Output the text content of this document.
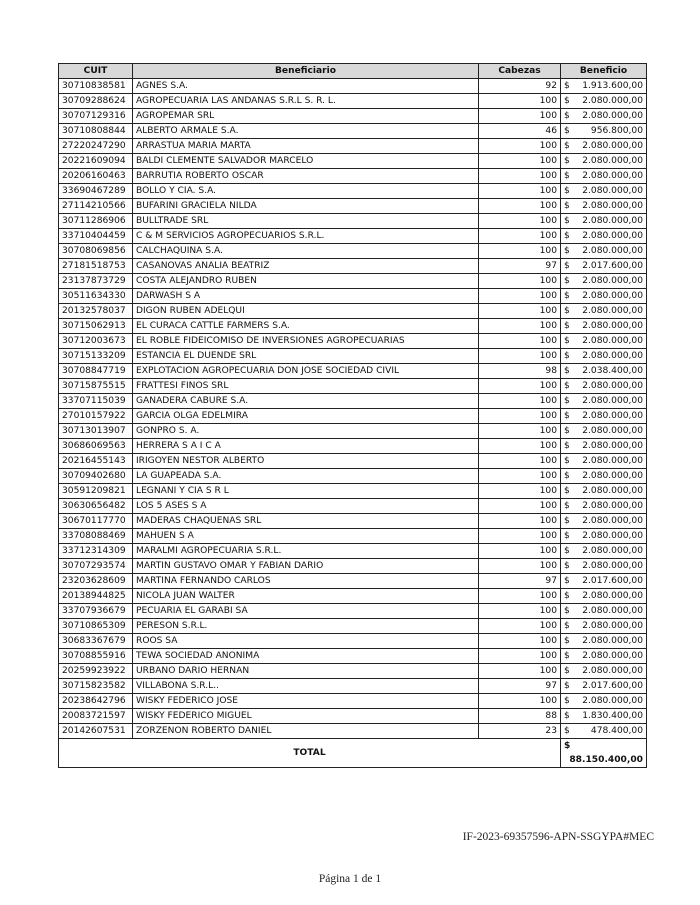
CUIT	Beneficiario	Cabezas	Beneficio
30710838581	AGNES S.A.	92	$ 1.913.600,00

30709288624	AGROPECUARIA LAS ANDANAS S.R.L S. R. L.	100	$ 2.080.000,00

30707129316	AGROPEMAR SRL	100	$ 2.080.000,00

30710808844	ALBERTO ARMALE S.A.	46	$ 956.800,00

27220247290	ARRASTUA MARIA MARTA	100	$ 2.080.000,00

20221609094	BALDI CLEMENTE SALVADOR MARCELO	100	$ 2.080.000,00

20206160463	BARRUTIA ROBERTO OSCAR	100	$ 2.080.000,00

33690467289	BOLLO Y CIA. S.A.	100	$ 2.080.000,00

27114210566	BUFARINI GRACIELA NILDA	100	$ 2.080.000,00

30711286906	BULLTRADE SRL	100	$ 2.080.000,00

33710404459	C & M SERVICIOS AGROPECUARIOS S.R.L.	100	$ 2.080.000,00

30708069856	CALCHAQUINA S.A.	100	$ 2.080.000,00

27181518753	CASANOVAS ANALIA BEATRIZ	97	$ 2.017.600,00

23137873729	COSTA ALEJANDRO RUBEN	100	$ 2.080.000,00

30511634330	DARWASH S A	100	$ 2.080.000,00

20132578037	DIGON RUBEN ADELQUI	100	$ 2.080.000,00

30715062913	EL CURACA CATTLE FARMERS S.A.	100	$ 2.080.000,00

30712003673	EL ROBLE FIDEICOMISO DE INVERSIONES AGROPECUARIAS	100	$ 2.080.000,00

30715133209	ESTANCIA EL DUENDE SRL	100	$ 2.080.000,00

30708847719	EXPLOTACION AGROPECUARIA DON JOSE SOCIEDAD CIVIL	98	$ 2.038.400,00

30715875515	FRATTESI FINOS SRL	100	$ 2.080.000,00

33707115039	GANADERA CABURE S.A.	100	$ 2.080.000,00

27010157922	GARCIA OLGA EDELMIRA	100	$ 2.080.000,00

30713013907	GONPRO S. A.	100	$ 2.080.000,00

30686069563	HERRERA S A I C A	100	$ 2.080.000,00

20216455143	IRIGOYEN NESTOR ALBERTO	100	$ 2.080.000,00

30709402680	LA GUAPEADA S.A.	100	$ 2.080.000,00

30591209821	LEGNANI Y CIA S R L	100	$ 2.080.000,00

30630656482	LOS 5 ASES S A	100	$ 2.080.000,00

30670117770	MADERAS CHAQUENAS SRL	100	$ 2.080.000,00

33708088469	MAHUEN S A	100	$ 2.080.000,00

33712314309	MARALMI AGROPECUARIA S.R.L.	100	$ 2.080.000,00

30707293574	MARTIN GUSTAVO OMAR Y FABIAN DARIO	100	$ 2.080.000,00

23203628609	MARTINA FERNANDO CARLOS	97	$ 2.017.600,00

20138944825	NICOLA JUAN WALTER	100	$ 2.080.000,00

33707936679	PECUARIA EL GARABI SA	100	$ 2.080.000,00

30710865309	PERESON S.R.L.	100	$ 2.080.000,00

30683367679	ROOS SA	100	$ 2.080.000,00

30708855916	TEWA SOCIEDAD ANONIMA	100	$ 2.080.000,00

20259923922	URBANO DARIO HERNAN	100	$ 2.080.000,00

30715823582	VILLABONA S.R.L..	97	$ 2.017.600,00

20238642796	WISKY FEDERICO JOSE	100	$ 2.080.000,00

20083721597	WISKY FEDERICO MIGUEL	88	$ 1.830.400,00

20142607531	ZORZENON ROBERTO DANIEL	23	$ 478.400,00

TOTAL			$
88.150.400,00
IF-2023-69357596-APN-SSGYPA#MEC
Página 1 de 1
